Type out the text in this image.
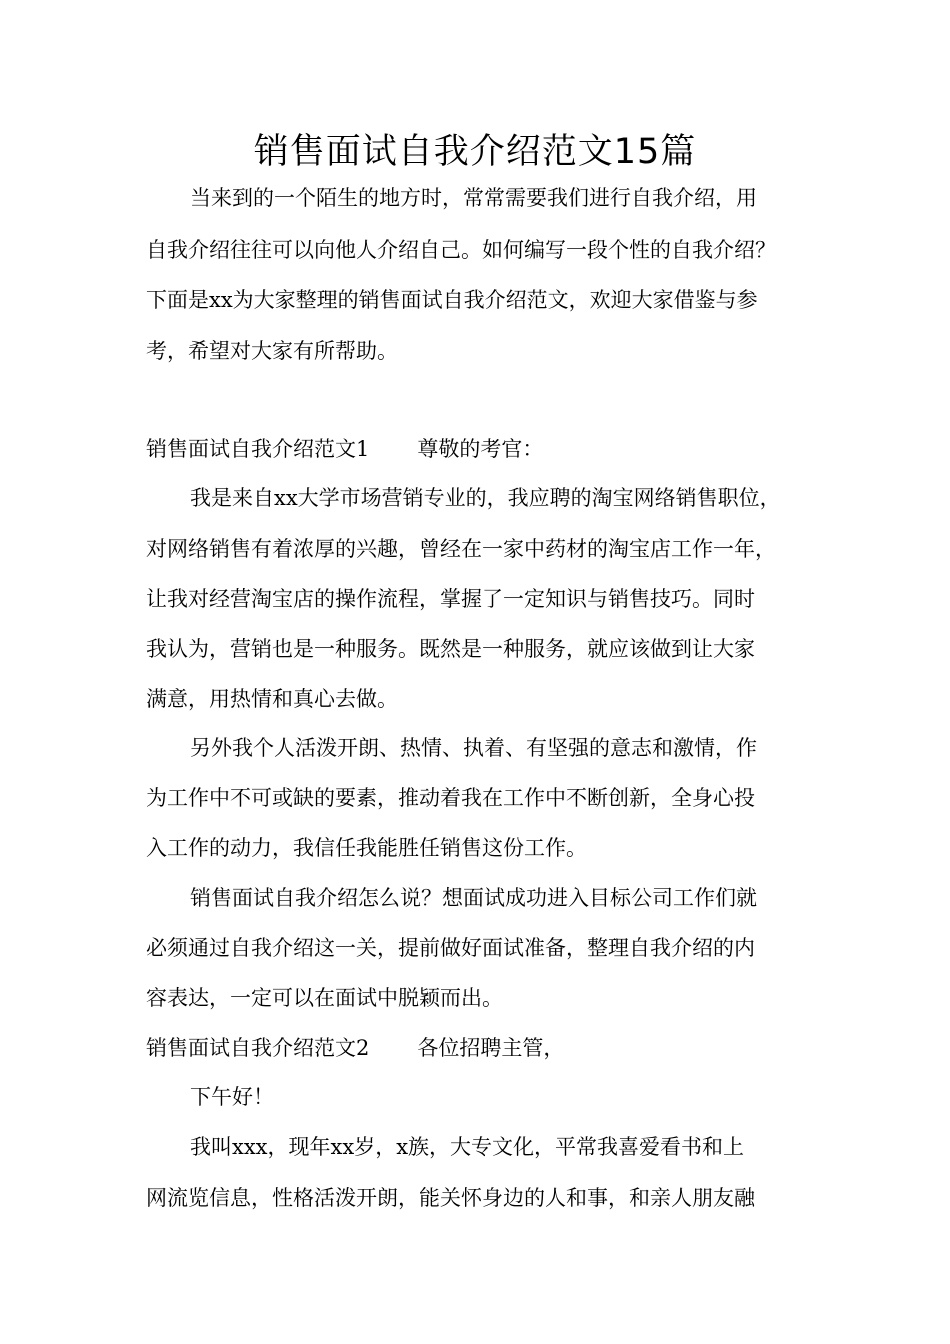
销售面试自我介绍范文15篇
当来到的一个陌生的地方时，常常需要我们进行自我介绍，用
自我介绍往往可以向他人介绍自己。如何编写一段个性的自我介绍？
下面是xx为大家整理的销售面试自我介绍范文，欢迎大家借鉴与参
考，希望对大家有所帮助。
销售面试自我介绍范文1 尊敬的考官：
我是来自xx大学市场营销专业的，我应聘的淘宝网络销售职位，
对网络销售有着浓厚的兴趣，曾经在一家中药材的淘宝店工作一年，
让我对经营淘宝店的操作流程，掌握了一定知识与销售技巧。同时
我认为，营销也是一种服务。既然是一种服务，就应该做到让大家
满意，用热情和真心去做。
另外我个人活泼开朗、热情、执着、有坚强的意志和激情，作
为工作中不可或缺的要素，推动着我在工作中不断创新，全身心投
入工作的动力，我信任我能胜任销售这份工作。
销售面试自我介绍怎么说？想面试成功进入目标公司工作们就
必须通过自我介绍这一关，提前做好面试准备，整理自我介绍的内
容表达，一定可以在面试中脱颖而出。
销售面试自我介绍范文2 各位招聘主管，
下午好！
我叫xxx，现年xx岁，x族，大专文化，平常我喜爱看书和上
网流览信息，性格活泼开朗，能关怀身边的人和事，和亲人朋友融
